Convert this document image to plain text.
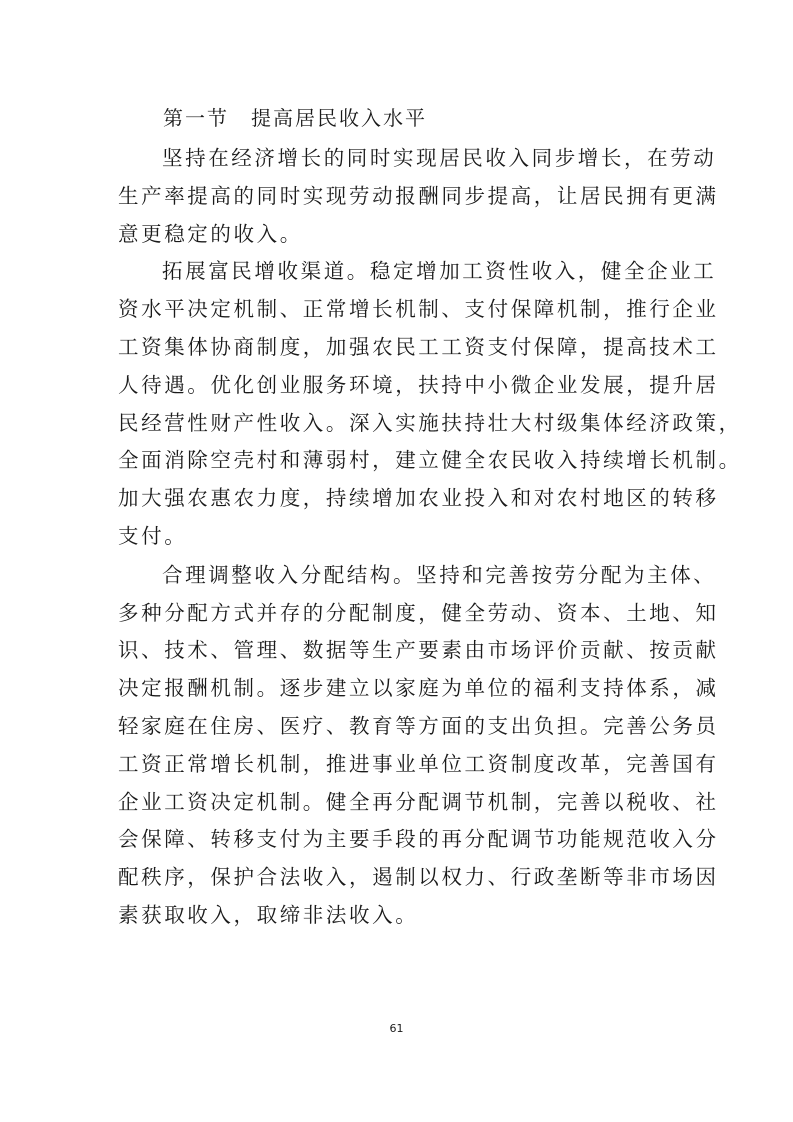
第一节　提高居民收入水平
坚持在经济增长的同时实现居民收入同步增长，在劳动
生产率提高的同时实现劳动报酬同步提高，让居民拥有更满
意更稳定的收入。
拓展富民增收渠道。稳定增加工资性收入，健全企业工
资水平决定机制、正常增长机制、支付保障机制，推行企业
工资集体协商制度，加强农民工工资支付保障，提高技术工
人待遇。优化创业服务环境，扶持中小微企业发展，提升居
民经营性财产性收入。深入实施扶持壮大村级集体经济政策，
全面消除空壳村和薄弱村，建立健全农民收入持续增长机制。
加大强农惠农力度，持续增加农业投入和对农村地区的转移
支付。
合理调整收入分配结构。坚持和完善按劳分配为主体、
多种分配方式并存的分配制度，健全劳动、资本、土地、知
识、技术、管理、数据等生产要素由市场评价贡献、按贡献
决定报酬机制。逐步建立以家庭为单位的福利支持体系，减
轻家庭在住房、医疗、教育等方面的支出负担。完善公务员
工资正常增长机制，推进事业单位工资制度改革，完善国有
企业工资决定机制。健全再分配调节机制，完善以税收、社
会保障、转移支付为主要手段的再分配调节功能规范收入分
配秩序，保护合法收入，遏制以权力、行政垄断等非市场因
素获取收入，取缔非法收入。
61
